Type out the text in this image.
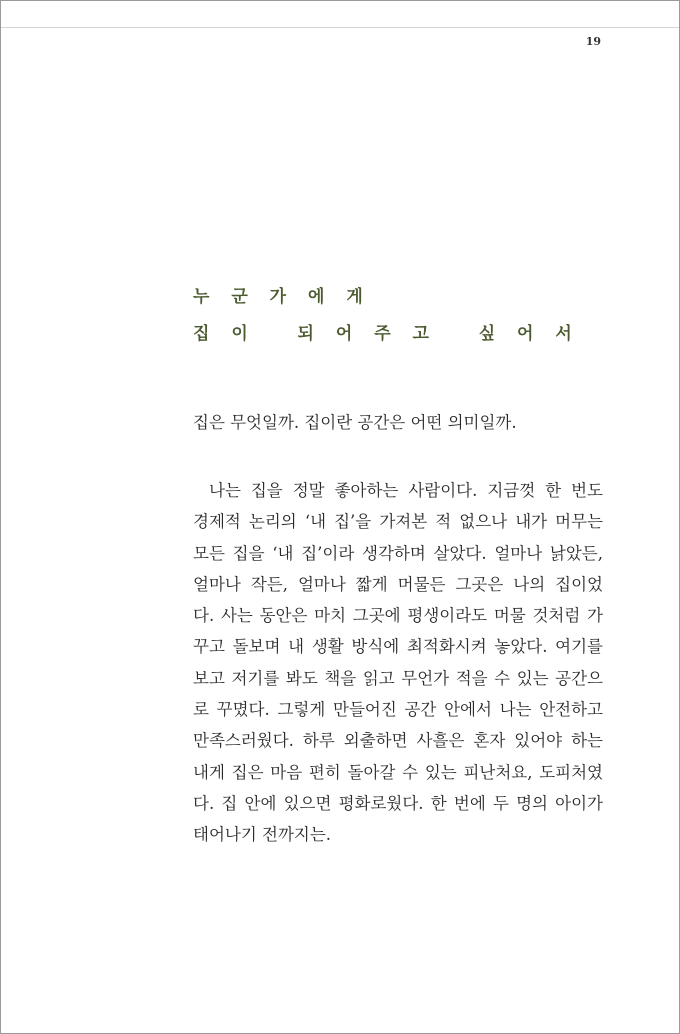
19
누 군 가 에 게
집 이   되 어 주 고   싶 어 서
집은 무엇일까. 집이란 공간은 어떤 의미일까.
나는 집을 정말 좋아하는 사람이다. 지금껏 한 번도
경제적 논리의 ‘내 집’을 가져본 적 없으나 내가 머무는
모든 집을 ‘내 집’이라 생각하며 살았다. 얼마나 낡았든,
얼마나 작든, 얼마나 짧게 머물든 그곳은 나의 집이었
다. 사는 동안은 마치 그곳에 평생이라도 머물 것처럼 가
꾸고 돌보며 내 생활 방식에 최적화시켜 놓았다. 여기를
보고 저기를 봐도 책을 읽고 무언가 적을 수 있는 공간으
로 꾸몄다. 그렇게 만들어진 공간 안에서 나는 안전하고
만족스러웠다. 하루 외출하면 사흘은 혼자 있어야 하는
내게 집은 마음 편히 돌아갈 수 있는 피난처요, 도피처였
다. 집 안에 있으면 평화로웠다. 한 번에 두 명의 아이가
태어나기 전까지는.
